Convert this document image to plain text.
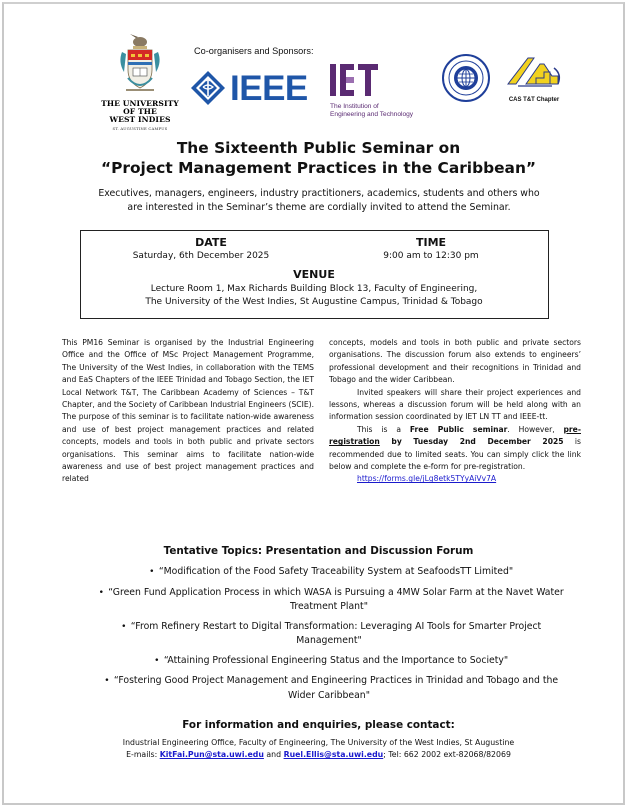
THE UNIVERSITY
OF THE
WEST INDIES
ST. AUGUSTINE CAMPUS
Co-organisers and Sponsors:
IEEE	The Institution of
Engineering and Technology
CAS T&T Chapter
The Sixteenth Public Seminar on
“Project Management Practices in the Caribbean”
Executives, managers, engineers, industry practitioners, academics, students and others who
are interested in the Seminar’s theme are cordially invited to attend the Seminar.
DATE
Saturday, 6th December 2025
TIME
9:00 am to 12:30 pm
VENUE
Lecture Room 1, Max Richards Building Block 13, Faculty of Engineering,
The University of the West Indies, St Augustine Campus, Trinidad & Tobago

This PM16 Seminar is organised by the Industrial Engineering Office and the Office of MSc Project Management Programme, The University of the West Indies, in collaboration with the TEMS and EaS Chapters of the IEEE Trinidad and Tobago Section, the IET Local Network T&T, The Caribbean Academy of Sciences – T&T Chapter, and the Society of Caribbean Industrial Engineers (SCIE). The purpose of this seminar is to facilitate nation-wide awareness and use of best project management practices and related concepts, models and tools in both public and private sectors organisations. This seminar aims to facilitate nation-wide awareness and use of best project management practices and related

concepts, models and tools in both public and private sectors organisations. The discussion forum also extends to engineers’ professional development and their recognitions in Trinidad and Tobago and the wider Caribbean.

Invited speakers will share their project experiences and lessons, whereas a discussion forum will be held along with an information session coordinated by IET LN TT and IEEE-tt.

This is a Free Public seminar. However, pre-registration by Tuesday 2nd December 2025 is recommended due to limited seats. You can simply click the link below and complete the e-form for pre-registration.

https://forms.gle/jLg8etk5TYyAiVv7A
Tentative Topics: Presentation and Discussion Forum
• “Modification of the Food Safety Traceability System at SeafoodsTT Limited"
• “Green Fund Application Process in which WASA is Pursuing a 4MW Solar Farm at the Navet Water Treatment Plant"
• “From Refinery Restart to Digital Transformation: Leveraging AI Tools for Smarter Project Management"
• “Attaining Professional Engineering Status and the Importance to Society"
• “Fostering Good Project Management and Engineering Practices in Trinidad and Tobago and the Wider Caribbean"
For information and enquiries, please contact:
Industrial Engineering Office, Faculty of Engineering, The University of the West Indies, St Augustine
E-mails: KitFai.Pun@sta.uwi.edu and Ruel.Ellis@sta.uwi.edu; Tel: 662 2002 ext-82068/82069
